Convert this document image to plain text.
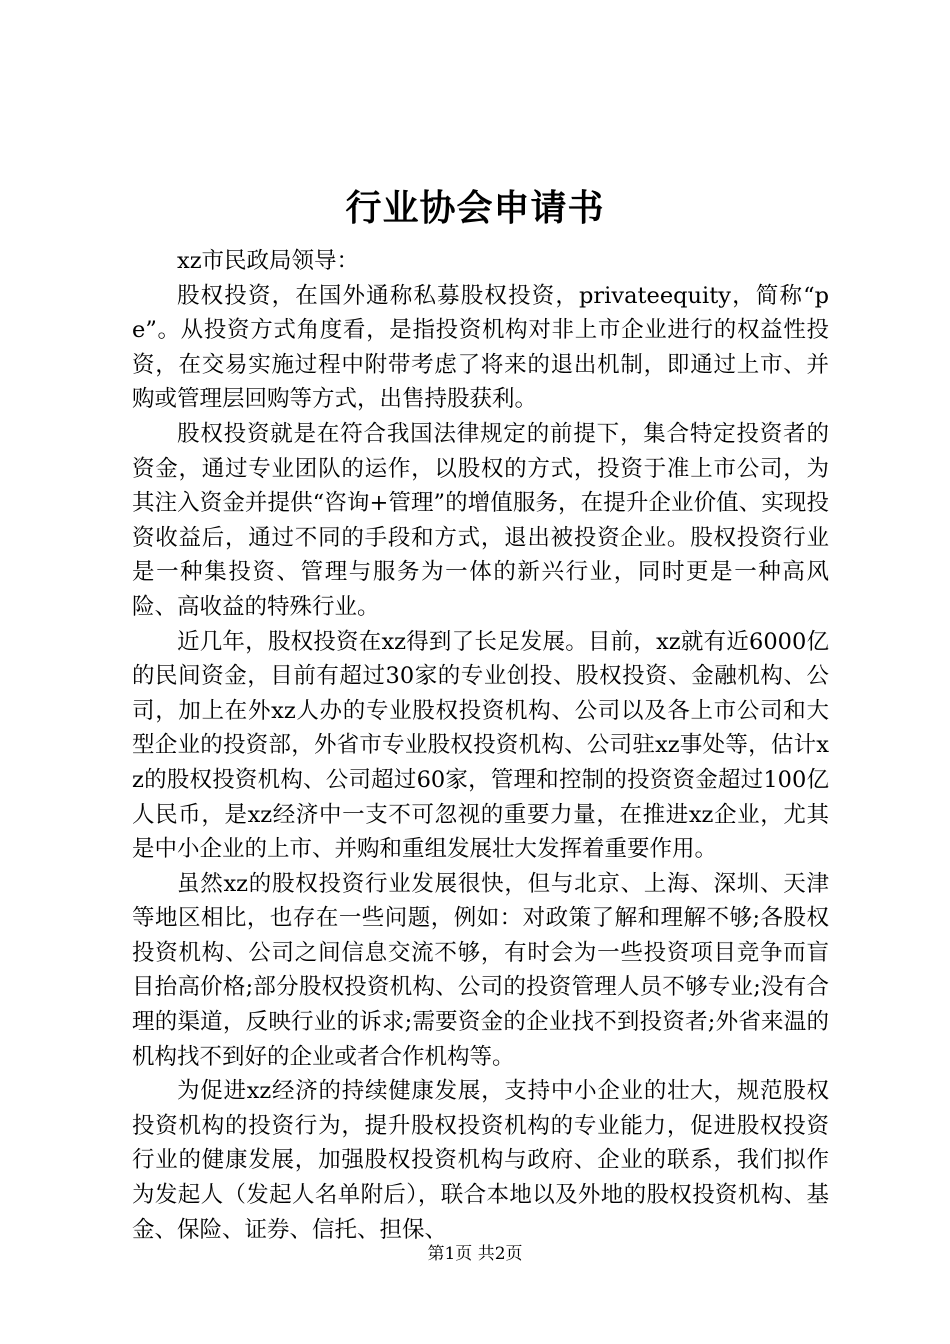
行业协会申请书

xz市民政局领导：

股权投资，在国外通称私募股权投资，privateequity，简称“pe”。从投资方式角度看，是指投资机构对非上市企业进行的权益性投资，在交易实施过程中附带考虑了将来的退出机制，即通过上市、并购或管理层回购等方式，出售持股获利。

股权投资就是在符合我国法律规定的前提下，集合特定投资者的资金，通过专业团队的运作，以股权的方式，投资于准上市公司，为其注入资金并提供“咨询+管理”的增值服务，在提升企业价值、实现投资收益后，通过不同的手段和方式，退出被投资企业。股权投资行业是一种集投资、管理与服务为一体的新兴行业，同时更是一种高风险、高收益的特殊行业。

近几年，股权投资在xz得到了长足发展。目前，xz就有近6000亿的民间资金，目前有超过30家的专业创投、股权投资、金融机构、公司，加上在外xz人办的专业股权投资机构、公司以及各上市公司和大型企业的投资部，外省市专业股权投资机构、公司驻xz事处等，估计xz的股权投资机构、公司超过60家，管理和控制的投资资金超过100亿人民币，是xz经济中一支不可忽视的重要力量，在推进xz企业，尤其是中小企业的上市、并购和重组发展壮大发挥着重要作用。

虽然xz的股权投资行业发展很快，但与北京、上海、深圳、天津等地区相比，也存在一些问题，例如：对政策了解和理解不够;各股权投资机构、公司之间信息交流不够，有时会为一些投资项目竞争而盲目抬高价格;部分股权投资机构、公司的投资管理人员不够专业;没有合理的渠道，反映行业的诉求;需要资金的企业找不到投资者;外省来温的机构找不到好的企业或者合作机构等。

为促进xz经济的持续健康发展，支持中小企业的壮大，规范股权投资机构的投资行为，提升股权投资机构的专业能力，促进股权投资行业的健康发展，加强股权投资机构与政府、企业的联系，我们拟作为发起人（发起人名单附后），联合本地以及外地的股权投资机构、基金、保险、证券、信托、担保、

第1页 共2页
